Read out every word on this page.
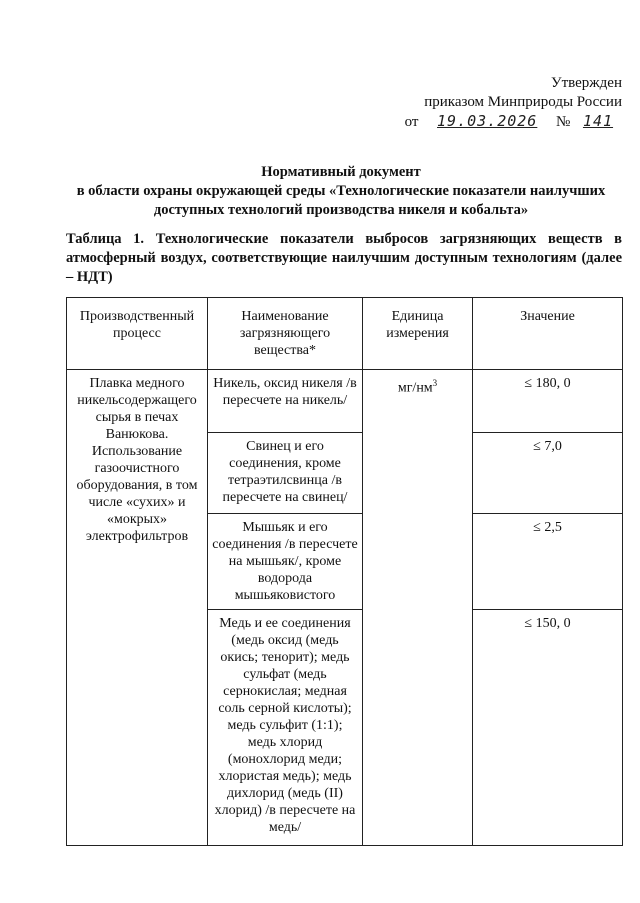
Утвержден
приказом Минприроды России
от 19.03.2026 № 141
Нормативный документ
в области охраны окружающей среды «Технологические показатели наилучших
доступных технологий производства никеля и кобальта»
Таблица 1. Технологические показатели выбросов загрязняющих веществ в атмосферный воздух, соответствующие наилучшим доступным технологиям (далее – НДТ)
Производственный процесс	Наименование загрязняющего вещества*	Единица измерения	Значение
Плавка медного никельсодержащего сырья в печах Ванюкова. Использование газоочистного оборудования, в том числе «сухих» и «мокрых» электрофильтров	Никель, оксид никеля /в пересчете на никель/	$мг/нм^3$	≤ 180, 0
	Свинец и его соединения, кроме тетраэтилсвинца /в пересчете на свинец/		≤ 7,0
	Мышьяк и его соединения /в пересчете на мышьяк/, кроме водорода мышьяковистого		≤ 2,5
	Медь и ее соединения (медь оксид (медь окись; тенорит); медь сульфат (медь сернокислая; медная соль серной кислоты); медь сульфит (1:1); медь хлорид (монохлорид меди; хлористая медь); медь дихлорид (медь (II) хлорид) /в пересчете на медь/		≤ 150, 0
